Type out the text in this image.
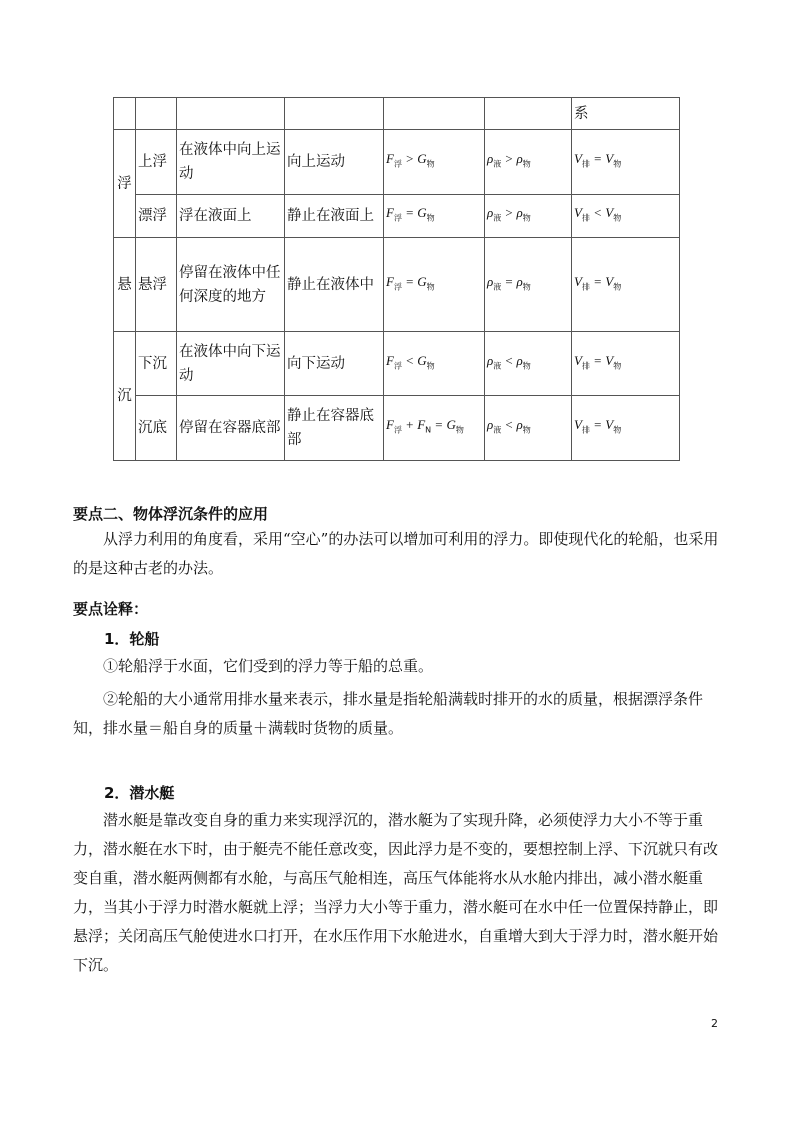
						系
浮	上浮	在液体中向上运动	向上运动	$F_浮 > G_物$	$\rho_液 > \rho_物$	$V_排 = V_物$
	漂浮	浮在液面上	静止在液面上	$F_浮 = G_物$	$\rho_液 > \rho_物$	$V_排 < V_物$
悬	悬浮	停留在液体中任何深度的地方	静止在液体中	$F_浮 = G_物$	$\rho_液 = \rho_物$	$V_排 = V_物$
沉	下沉	在液体中向下运动	向下运动	$F_浮 < G_物$	$\rho_液 < \rho_物$	$V_排 = V_物$
	沉底	停留在容器底部	静止在容器底部	$F_浮 + F_N = G_物$	$\rho_液 < \rho_物$	$V_排 = V_物$
要点二、物体浮沉条件的应用

从浮力利用的角度看，采用“空心”的办法可以增加可利用的浮力。即使现代化的轮船，也采用的是这种古老的办法。

要点诠释：
1．轮船

①轮船浮于水面，它们受到的浮力等于船的总重。

②轮船的大小通常用排水量来表示，排水量是指轮船满载时排开的水的质量，根据漂浮条件知，排水量＝船自身的质量＋满载时货物的质量。

2．潜水艇

潜水艇是靠改变自身的重力来实现浮沉的，潜水艇为了实现升降，必须使浮力大小不等于重力，潜水艇在水下时，由于艇壳不能任意改变，因此浮力是不变的，要想控制上浮、下沉就只有改变自重，潜水艇两侧都有水舱，与高压气舱相连，高压气体能将水从水舱内排出，减小潜水艇重力，当其小于浮力时潜水艇就上浮；当浮力大小等于重力，潜水艇可在水中任一位置保持静止，即悬浮；关闭高压气舱使进水口打开，在水压作用下水舱进水，自重增大到大于浮力时，潜水艇开始下沉。

2
